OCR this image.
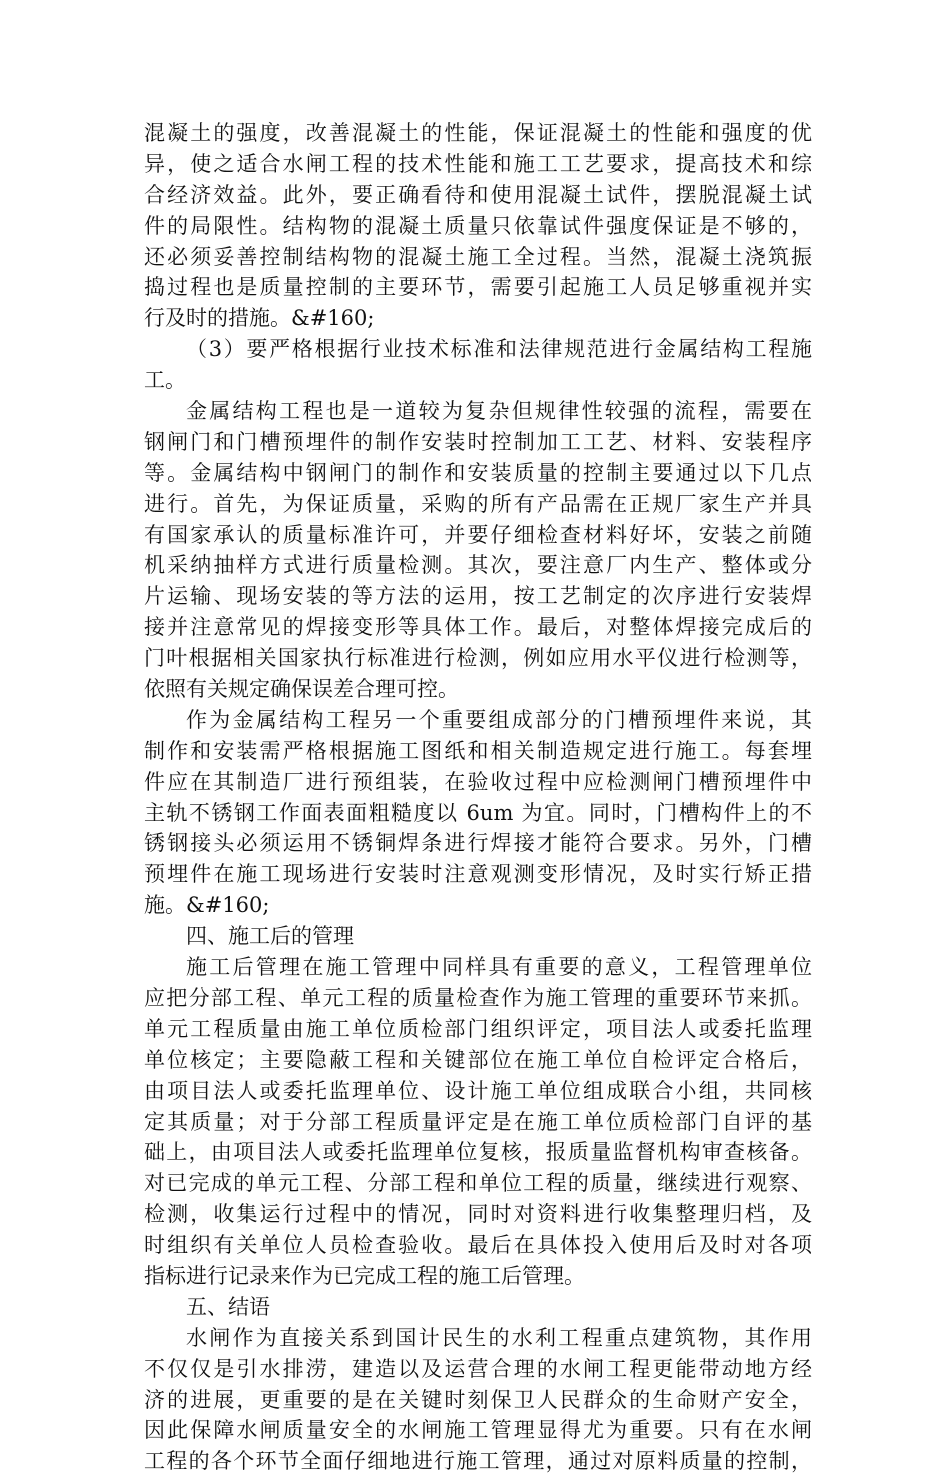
混凝土的强度，改善混凝土的性能，保证混凝土的性能和强度的优
异，使之适合水闸工程的技术性能和施工工艺要求，提高技术和综
合经济效益。此外，要正确看待和使用混凝土试件，摆脱混凝土试
件的局限性。结构物的混凝土质量只依靠试件强度保证是不够的，
还必须妥善控制结构物的混凝土施工全过程。当然，混凝土浇筑振
捣过程也是质量控制的主要环节，需要引起施工人员足够重视并实
行及时的措施。&#160;
（3）要严格根据行业技术标准和法律规范进行金属结构工程施
工。
金属结构工程也是一道较为复杂但规律性较强的流程，需要在
钢闸门和门槽预埋件的制作安装时控制加工工艺、材料、安装程序
等。金属结构中钢闸门的制作和安装质量的控制主要通过以下几点
进行。首先，为保证质量，采购的所有产品需在正规厂家生产并具
有国家承认的质量标准许可，并要仔细检查材料好坏，安装之前随
机采纳抽样方式进行质量检测。其次，要注意厂内生产、整体或分
片运输、现场安装的等方法的运用，按工艺制定的次序进行安装焊
接并注意常见的焊接变形等具体工作。最后，对整体焊接完成后的
门叶根据相关国家执行标准进行检测，例如应用水平仪进行检测等，
依照有关规定确保误差合理可控。
作为金属结构工程另一个重要组成部分的门槽预埋件来说，其
制作和安装需严格根据施工图纸和相关制造规定进行施工。每套埋
件应在其制造厂进行预组装，在验收过程中应检测闸门槽预埋件中
主轨不锈钢工作面表面粗糙度以 6um 为宜。同时，门槽构件上的不
锈钢接头必须运用不锈铜焊条进行焊接才能符合要求。另外，门槽
预埋件在施工现场进行安装时注意观测变形情况，及时实行矫正措
施。&#160;
四、施工后的管理
施工后管理在施工管理中同样具有重要的意义，工程管理单位
应把分部工程、单元工程的质量检查作为施工管理的重要环节来抓。
单元工程质量由施工单位质检部门组织评定，项目法人或委托监理
单位核定；主要隐蔽工程和关键部位在施工单位自检评定合格后，
由项目法人或委托监理单位、设计施工单位组成联合小组，共同核
定其质量；对于分部工程质量评定是在施工单位质检部门自评的基
础上，由项目法人或委托监理单位复核，报质量监督机构审查核备。
对已完成的单元工程、分部工程和单位工程的质量，继续进行观察、
检测，收集运行过程中的情况，同时对资料进行收集整理归档，及
时组织有关单位人员检查验收。最后在具体投入使用后及时对各项
指标进行记录来作为已完成工程的施工后管理。
五、结语
水闸作为直接关系到国计民生的水利工程重点建筑物，其作用
不仅仅是引水排涝，建造以及运营合理的水闸工程更能带动地方经
济的进展，更重要的是在关键时刻保卫人民群众的生命财产安全，
因此保障水闸质量安全的水闸施工管理显得尤为重要。只有在水闸
工程的各个环节全面仔细地进行施工管理，通过对原料质量的控制，
